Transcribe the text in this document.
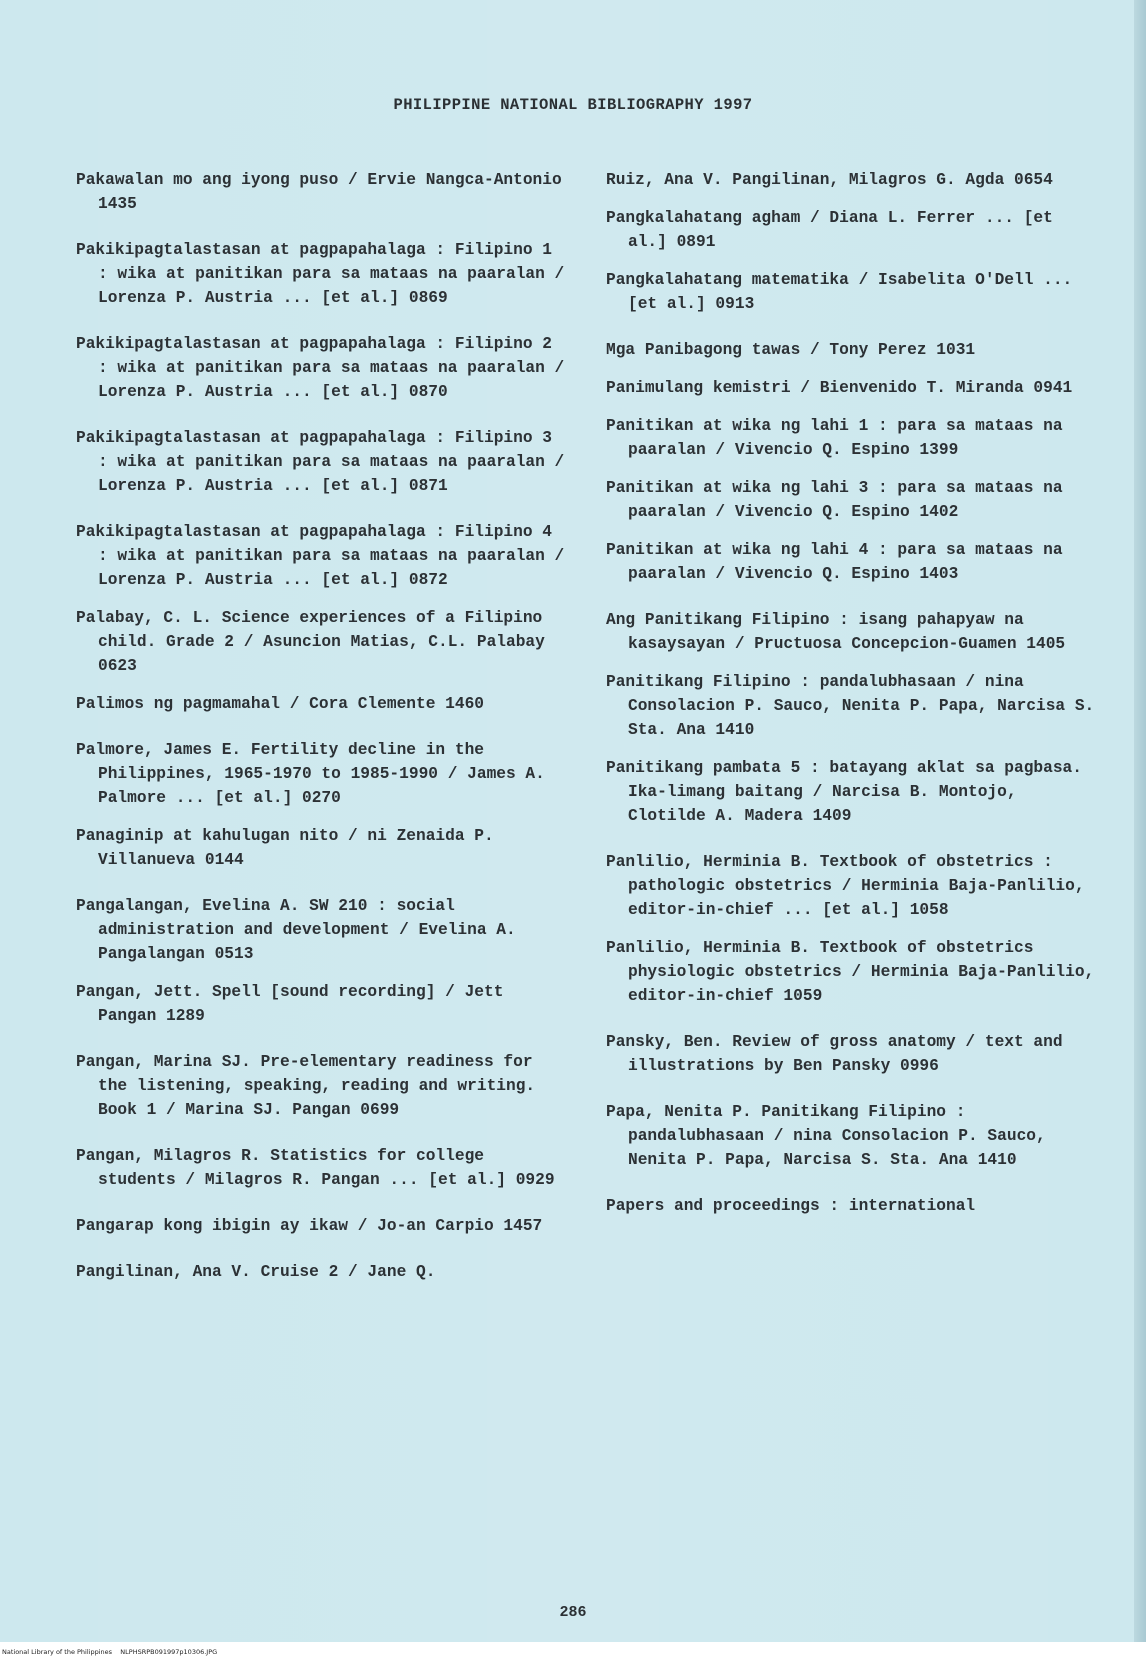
PHILIPPINE NATIONAL BIBLIOGRAPHY 1997

Pakawalan mo ang iyong puso / Ervie Nangca-Antonio 1435

Pakikipagtalastasan at pagpapahalaga : Filipino 1 : wika at panitikan para sa mataas na paaralan / Lorenza P. Austria ... [et al.] 0869

Pakikipagtalastasan at pagpapahalaga : Filipino 2 : wika at panitikan para sa mataas na paaralan / Lorenza P. Austria ... [et al.] 0870

Pakikipagtalastasan at pagpapahalaga : Filipino 3 : wika at panitikan para sa mataas na paaralan / Lorenza P. Austria ... [et al.] 0871

Pakikipagtalastasan at pagpapahalaga : Filipino 4 : wika at panitikan para sa mataas na paaralan / Lorenza P. Austria ... [et al.] 0872

Palabay, C. L. Science experiences of a Filipino child. Grade 2 / Asuncion Matias, C.L. Palabay 0623

Palimos ng pagmamahal / Cora Clemente 1460

Palmore, James E. Fertility decline in the Philippines, 1965-1970 to 1985-1990 / James A. Palmore ... [et al.] 0270

Panaginip at kahulugan nito / ni Zenaida P. Villanueva 0144

Pangalangan, Evelina A. SW 210 : social administration and development / Evelina A. Pangalangan 0513

Pangan, Jett. Spell [sound recording] / Jett Pangan 1289

Pangan, Marina SJ. Pre-elementary readiness for the listening, speaking, reading and writing. Book 1 / Marina SJ. Pangan 0699

Pangan, Milagros R. Statistics for college students / Milagros R. Pangan ... [et al.] 0929

Pangarap kong ibigin ay ikaw / Jo-an Carpio 1457

Pangilinan, Ana V. Cruise 2 / Jane Q.

Ruiz, Ana V. Pangilinan, Milagros G. Agda 0654

Pangkalahatang agham / Diana L. Ferrer ... [et al.] 0891

Pangkalahatang matematika / Isabelita O'Dell ... [et al.] 0913

Mga Panibagong tawas / Tony Perez 1031

Panimulang kemistri / Bienvenido T. Miranda 0941

Panitikan at wika ng lahi 1 : para sa mataas na paaralan / Vivencio Q. Espino 1399

Panitikan at wika ng lahi 3 : para sa mataas na paaralan / Vivencio Q. Espino 1402

Panitikan at wika ng lahi 4 : para sa mataas na paaralan / Vivencio Q. Espino 1403

Ang Panitikang Filipino : isang pahapyaw na kasaysayan / Pructuosa Concepcion-Guamen 1405

Panitikang Filipino : pandalubhasaan / nina Consolacion P. Sauco, Nenita P. Papa, Narcisa S. Sta. Ana 1410

Panitikang pambata 5 : batayang aklat sa pagbasa. Ika-limang baitang / Narcisa B. Montojo, Clotilde A. Madera 1409

Panlilio, Herminia B. Textbook of obstetrics : pathologic obstetrics / Herminia Baja-Panlilio, editor-in-chief ... [et al.] 1058

Panlilio, Herminia B. Textbook of obstetrics physiologic obstetrics / Herminia Baja-Panlilio, editor-in-chief 1059

Pansky, Ben. Review of gross anatomy / text and illustrations by Ben Pansky 0996

Papa, Nenita P. Panitikang Filipino : pandalubhasaan / nina Consolacion P. Sauco, Nenita P. Papa, Narcisa S. Sta. Ana 1410

Papers and proceedings : international

286
National Library of the Philippines    NLPHSRPB091997p10306.JPG
